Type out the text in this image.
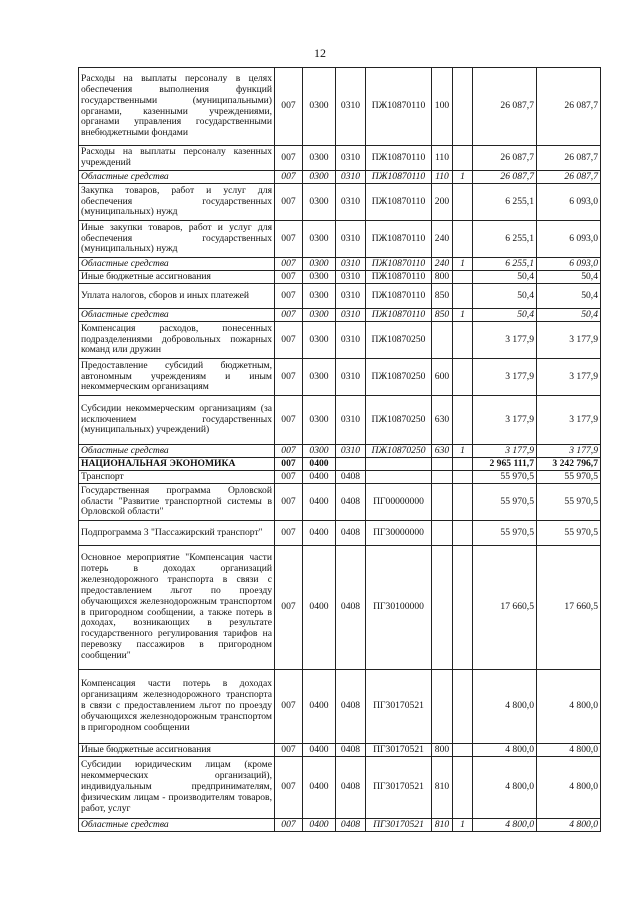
12
Расходы на выплаты персоналу в целях обеспечения выполнения функций государственными (муниципальными) органами, казенными учреждениями, органами управления государственными внебюджетными фондами	007	0300	0310	ПЖ10870110	100		26 087,7	26 087,7
Расходы на выплаты персоналу казенных учреждений	007	0300	0310	ПЖ10870110	110		26 087,7	26 087,7
Областные средства	007	0300	0310	ПЖ10870110	110	1	26 087,7	26 087,7
Закупка товаров, работ и услуг для обеспечения государственных (муниципальных) нужд	007	0300	0310	ПЖ10870110	200		6 255,1	6 093,0
Иные закупки товаров, работ и услуг для обеспечения государственных (муниципальных) нужд	007	0300	0310	ПЖ10870110	240		6 255,1	6 093,0
Областные средства	007	0300	0310	ПЖ10870110	240	1	6 255,1	6 093,0
Иные бюджетные ассигнования	007	0300	0310	ПЖ10870110	800		50,4	50,4
Уплата налогов, сборов и иных платежей	007	0300	0310	ПЖ10870110	850		50,4	50,4
Областные средства	007	0300	0310	ПЖ10870110	850	1	50,4	50,4
Компенсация расходов, понесенных подразделениями добровольных пожарных команд или дружин	007	0300	0310	ПЖ10870250			3 177,9	3 177,9
Предоставление субсидий бюджетным, автономным учреждениям и иным некоммерческим организациям	007	0300	0310	ПЖ10870250	600		3 177,9	3 177,9
Субсидии некоммерческим организациям (за исключением государственных (муниципальных) учреждений)	007	0300	0310	ПЖ10870250	630		3 177,9	3 177,9
Областные средства	007	0300	0310	ПЖ10870250	630	1	3 177,9	3 177,9
НАЦИОНАЛЬНАЯ ЭКОНОМИКА	007	0400					2 965 111,7	3 242 796,7
Транспорт	007	0400	0408				55 970,5	55 970,5
Государственная программа Орловской области "Развитие транспортной системы в Орловской области"	007	0400	0408	ПГ00000000			55 970,5	55 970,5
Подпрограмма 3 "Пассажирский транспорт"	007	0400	0408	ПГ30000000			55 970,5	55 970,5
Основное мероприятие "Компенсация части потерь в доходах организаций железнодорожного транспорта в связи с предоставлением льгот по проезду обучающихся железнодорожным транспортом в пригородном сообщении, а также потерь в доходах, возникающих в результате государственного регулирования тарифов на перевозку пассажиров в пригородном сообщении"	007	0400	0408	ПГ30100000			17 660,5	17 660,5
Компенсация части потерь в доходах организациям железнодорожного транспорта в связи с предоставлением льгот по проезду обучающихся железнодорожным транспортом в пригородном сообщении	007	0400	0408	ПГ30170521			4 800,0	4 800,0
Иные бюджетные ассигнования	007	0400	0408	ПГ30170521	800		4 800,0	4 800,0
Субсидии юридическим лицам (кроме некоммерческих организаций), индивидуальным предпринимателям, физическим лицам - производителям товаров, работ, услуг	007	0400	0408	ПГ30170521	810		4 800,0	4 800,0
Областные средства	007	0400	0408	ПГ30170521	810	1	4 800,0	4 800,0
